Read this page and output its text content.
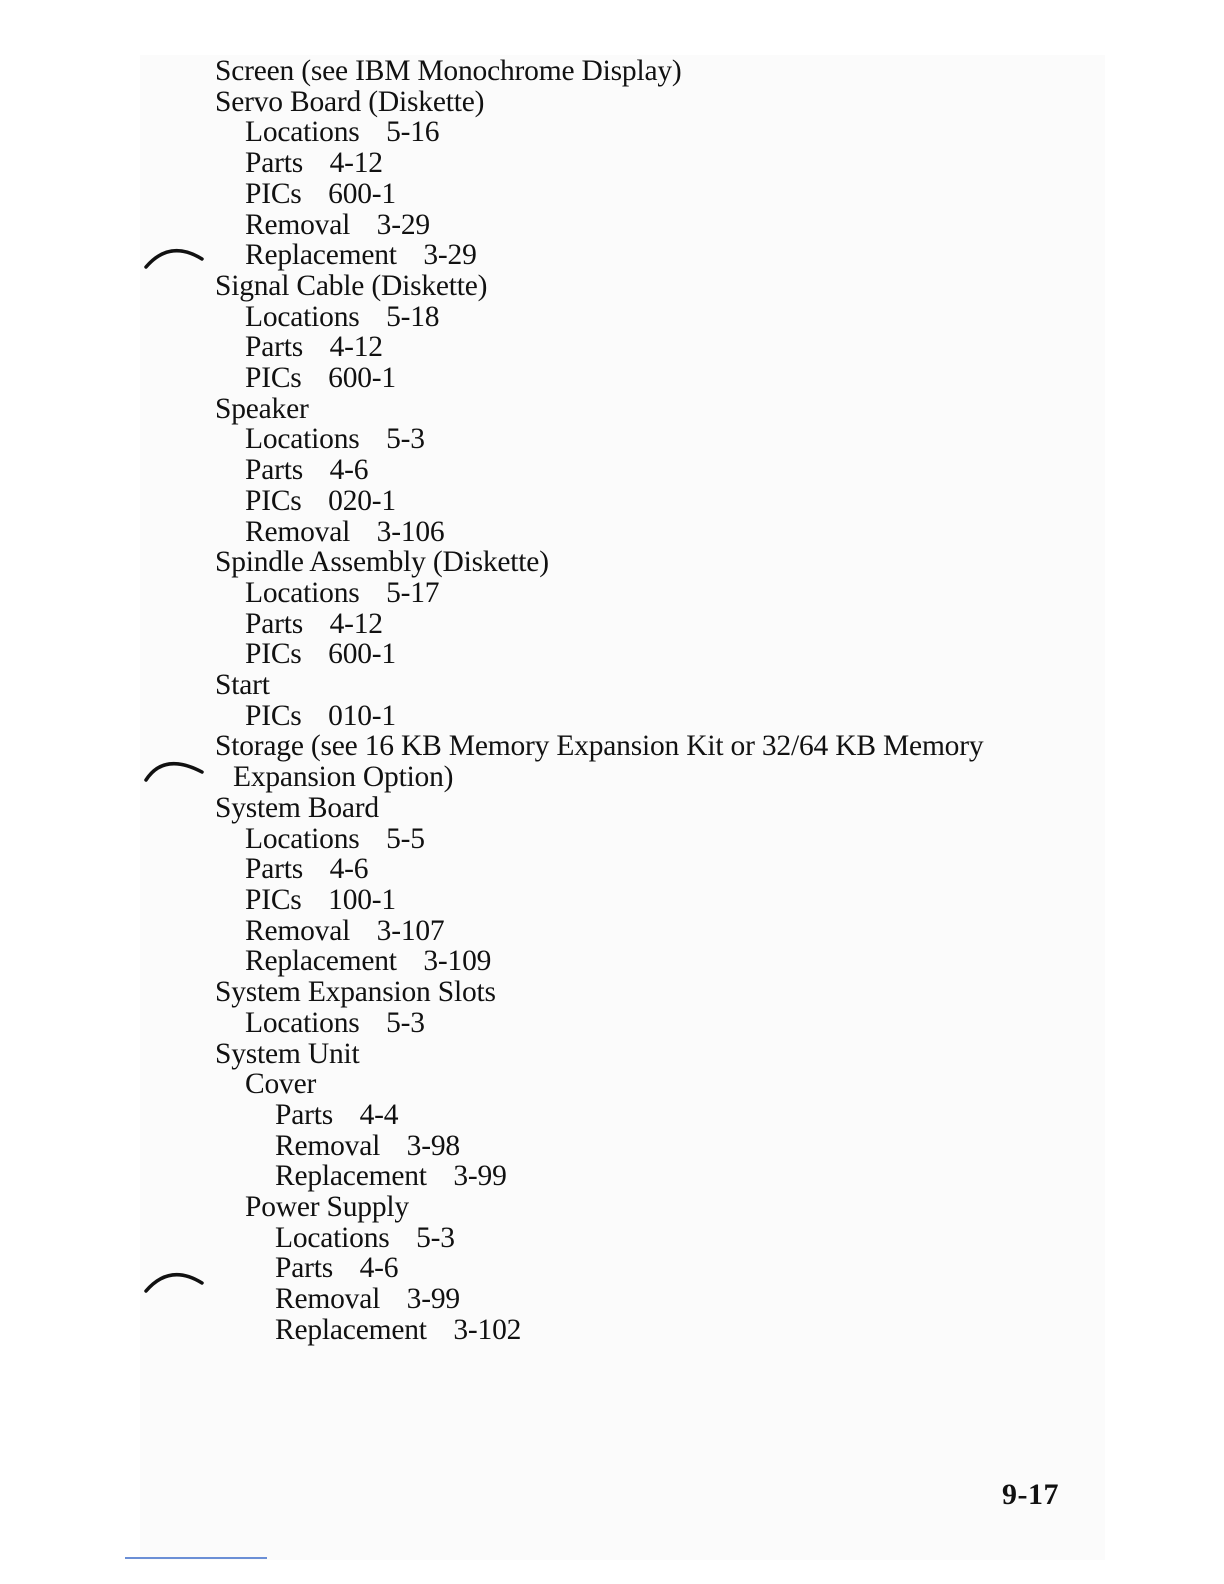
Screen (see IBM Monochrome Display)
Servo Board (Diskette)
Locations 5-16
Parts 4-12
PICs 600-1
Removal 3-29
Replacement 3-29
Signal Cable (Diskette)
Locations 5-18
Parts 4-12
PICs 600-1
Speaker
Locations 5-3
Parts 4-6
PICs 020-1
Removal 3-106
Spindle Assembly (Diskette)
Locations 5-17
Parts 4-12
PICs 600-1
Start
PICs 010-1
Storage (see 16 KB Memory Expansion Kit or 32/64 KB Memory
Expansion Option)
System Board
Locations 5-5
Parts 4-6
PICs 100-1
Removal 3-107
Replacement 3-109
System Expansion Slots
Locations 5-3
System Unit
Cover
Parts 4-4
Removal 3-98
Replacement 3-99
Power Supply
Locations 5-3
Parts 4-6
Removal 3-99
Replacement 3-102
9-17
